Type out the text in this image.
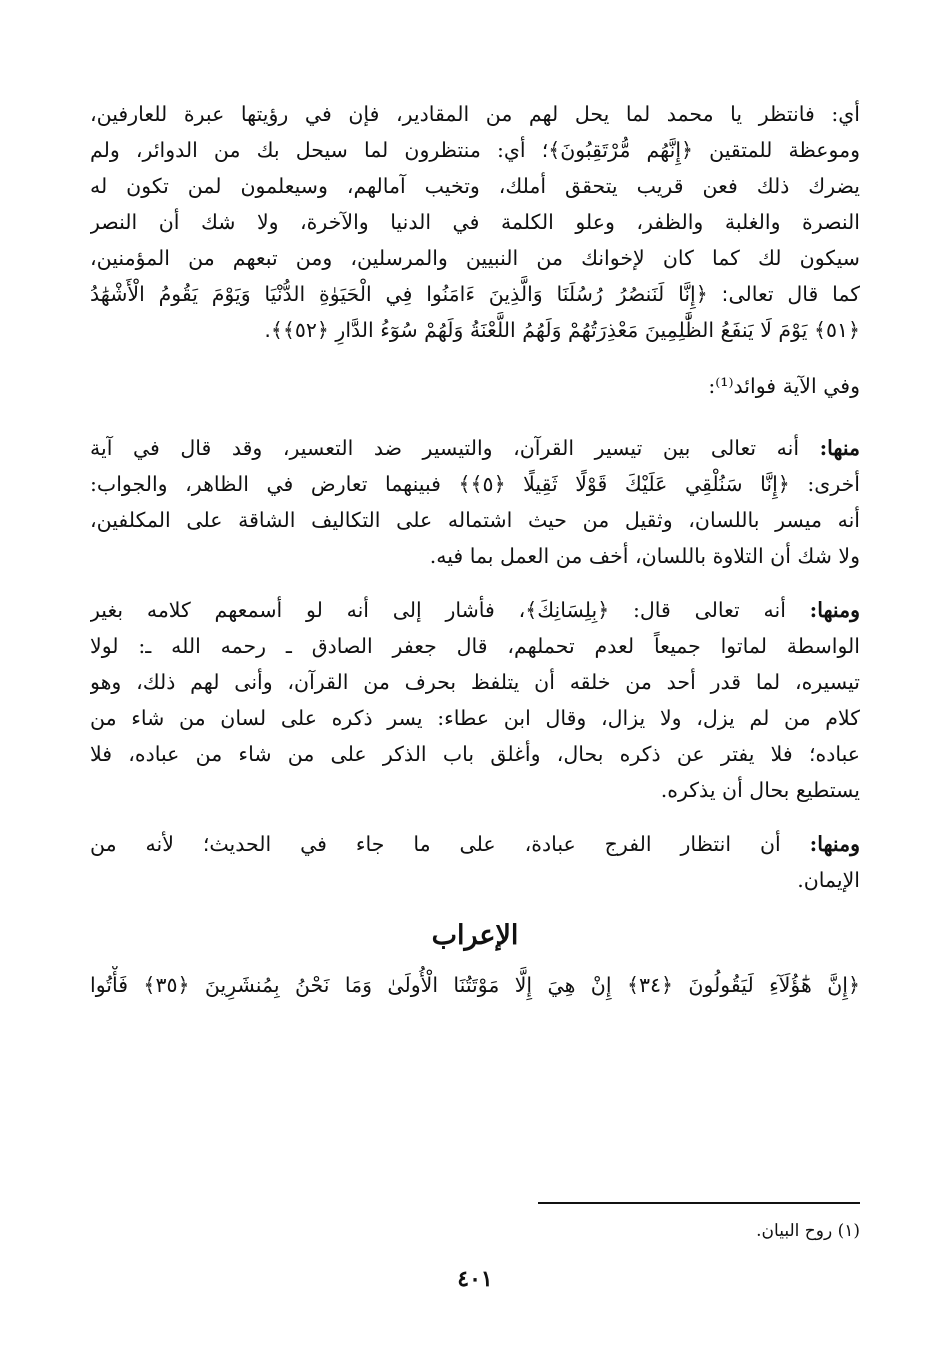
أي: فانتظر يا محمد لما يحل لهم من المقادير، فإن في رؤيتها عبرة للعارفين،
وموعظة للمتقين ﴿إِنَّهُم مُّرْتَقِبُونَ﴾؛ أي: منتظرون لما سيحل بك من الدوائر، ولم
يضرك ذلك فعن قريب يتحقق أملك، وتخيب آمالهم، وسيعلمون لمن تكون له
النصرة والغلبة والظفر، وعلو الكلمة في الدنيا والآخرة، ولا شك أن النصر
سيكون لك كما كان لإخوانك من النبيين والمرسلين، ومن تبعهم من المؤمنين،
كما قال تعالى: ﴿إِنَّا لَنَنصُرُ رُسُلَنَا وَالَّذِينَ ءَامَنُوا فِي الْحَيَوٰةِ الدُّنْيَا وَيَوْمَ يَقُومُ الْأَشْهَٰدُ
﴿٥١﴾ يَوْمَ لَا يَنفَعُ الظَّٰلِمِينَ مَعْذِرَتُهُمْ وَلَهُمُ اللَّعْنَةُ وَلَهُمْ سُوٓءُ الدَّارِ ﴿٥٢﴾﴾.
وفي الآية فوائد⁽¹⁾:
منها: أنه تعالى بين تيسير القرآن، والتيسير ضد التعسير، وقد قال في آية
أخرى: ﴿إِنَّا سَنُلْقِي عَلَيْكَ قَوْلًا ثَقِيلًا ﴿٥﴾﴾ فبينهما تعارض في الظاهر، والجواب:
أنه ميسر باللسان، وثقيل من حيث اشتماله على التكاليف الشاقة على المكلفين،
ولا شك أن التلاوة باللسان، أخف من العمل بما فيه.
ومنها: أنه تعالى قال: ﴿بِلِسَانِكَ﴾، فأشار إلى أنه لو أسمعهم كلامه بغير
الواسطة لماتوا جميعاً لعدم تحملهم، قال جعفر الصادق ـ رحمه الله ـ: لولا
تيسيره، لما قدر أحد من خلقه أن يتلفظ بحرف من القرآن، وأنى لهم ذلك، وهو
كلام من لم يزل، ولا يزال، وقال ابن عطاء: يسر ذكره على لسان من شاء من
عباده؛ فلا يفتر عن ذكره بحال، وأغلق باب الذكر على من شاء من عباده، فلا
يستطيع بحال أن يذكره.
ومنها: أن انتظار الفرج عبادة، على ما جاء في الحديث؛ لأنه من
الإيمان.
الإعراب
﴿إِنَّ هَٰٓؤُلَآءِ لَيَقُولُونَ ﴿٣٤﴾ إِنْ هِيَ إِلَّا مَوْتَتُنَا الْأُولَىٰ وَمَا نَحْنُ بِمُنشَرِينَ ﴿٣٥﴾ فَأْتُوا
(١) روح البيان.
٤٠١
